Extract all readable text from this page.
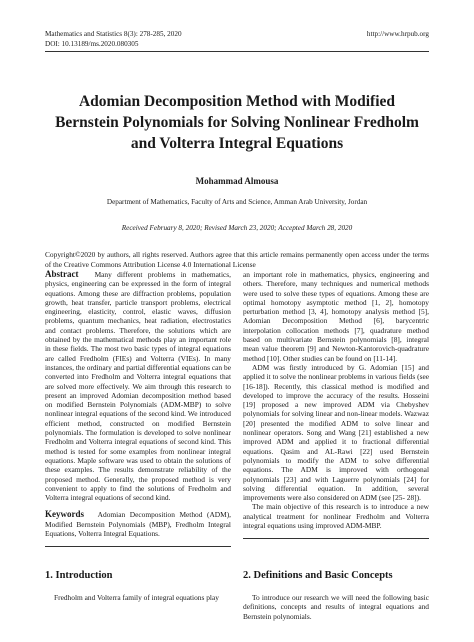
Mathematics and Statistics 8(3): 278-285, 2020
DOI: 10.13189/ms.2020.080305
http://www.hrpub.org
Adomian Decomposition Method with Modified
Bernstein Polynomials for Solving Nonlinear Fredholm
and Volterra Integral Equations
Mohammad Almousa
Department of Mathematics, Faculty of Arts and Science, Amman Arab University, Jordan
Received February 8, 2020; Revised March 23, 2020; Accepted March 28, 2020

Copyright©2020 by authors, all rights reserved. Authors agree that this article remains permanently open access under the terms of the Creative Commons Attribution License 4.0 International License

Abstract Many different problems in mathematics, physics, engineering can be expressed in the form of integral equations. Among these are diffraction problems, population growth, heat transfer, particle transport problems, electrical engineering, elasticity, control, elastic waves, diffusion problems, quantum mechanics, heat radiation, electrostatics and contact problems. Therefore, the solutions which are obtained by the mathematical methods play an important role in these fields. The most two basic types of integral equations are called Fredholm (FIEs) and Volterra (VIEs). In many instances, the ordinary and partial differential equations can be converted into Fredholm and Volterra integral equations that are solved more effectively. We aim through this research to present an improved Adomian decomposition method based on modified Bernstein Polynomials (ADM-MBP) to solve nonlinear integral equations of the second kind. We introduced efficient method, constructed on modified Bernstein polynomials. The formulation is developed to solve nonlinear Fredholm and Volterra integral equations of second kind. This method is tested for some examples from nonlinear integral equations. Maple software was used to obtain the solutions of these examples. The results demonstrate reliability of the proposed method. Generally, the proposed method is very convenient to apply to find the solutions of Fredholm and Volterra integral equations of second kind.

Keywords Adomian Decomposition Method (ADM), Modified Bernstein Polynomials (MBP), Fredholm Integral Equations, Volterra Integral Equations.

an important role in mathematics, physics, engineering and others. Therefore, many techniques and numerical methods were used to solve these types of equations. Among these are optimal homotopy asymptotic method [1, 2], homotopy perturbation method [3, 4], homotopy analysis method [5], Adomian Decomposition Method [6], barycentric interpolation collocation methods [7], quadrature method based on multivariate Bernstein polynomials [8], integral mean value theorem [9] and Newton-Kantorovich-quadrature method [10]. Other studies can be found on [11-14].

ADM was firstly introduced by G. Adomian [15] and applied it to solve the nonlinear problems in various fields (see [16-18]). Recently, this classical method is modified and developed to improve the accuracy of the results. Hosseini [19] proposed a new improved ADM via Chebyshev polynomials for solving linear and non-linear models. Wazwaz [20] presented the modified ADM to solve linear and nonlinear operators. Song and Wang [21] established a new improved ADM and applied it to fractional differential equations. Qasim and AL-Rawi [22] used Bernstein polynomials to modify the ADM to solve differential equations. The ADM is improved with orthogonal polynomials [23] and with Laguerre polynomials [24] for solving differential equation. In addition, several improvements were also considered on ADM (see [25- 28]).

The main objective of this research is to introduce a new analytical treatment for nonlinear Fredholm and Volterra integral equations using improved ADM-MBP.

1. Introduction

Fredholm and Volterra family of integral equations play

2. Definitions and Basic Concepts

To introduce our research we will need the following basic definitions, concepts and results of integral equations and Bernstein polynomials.
